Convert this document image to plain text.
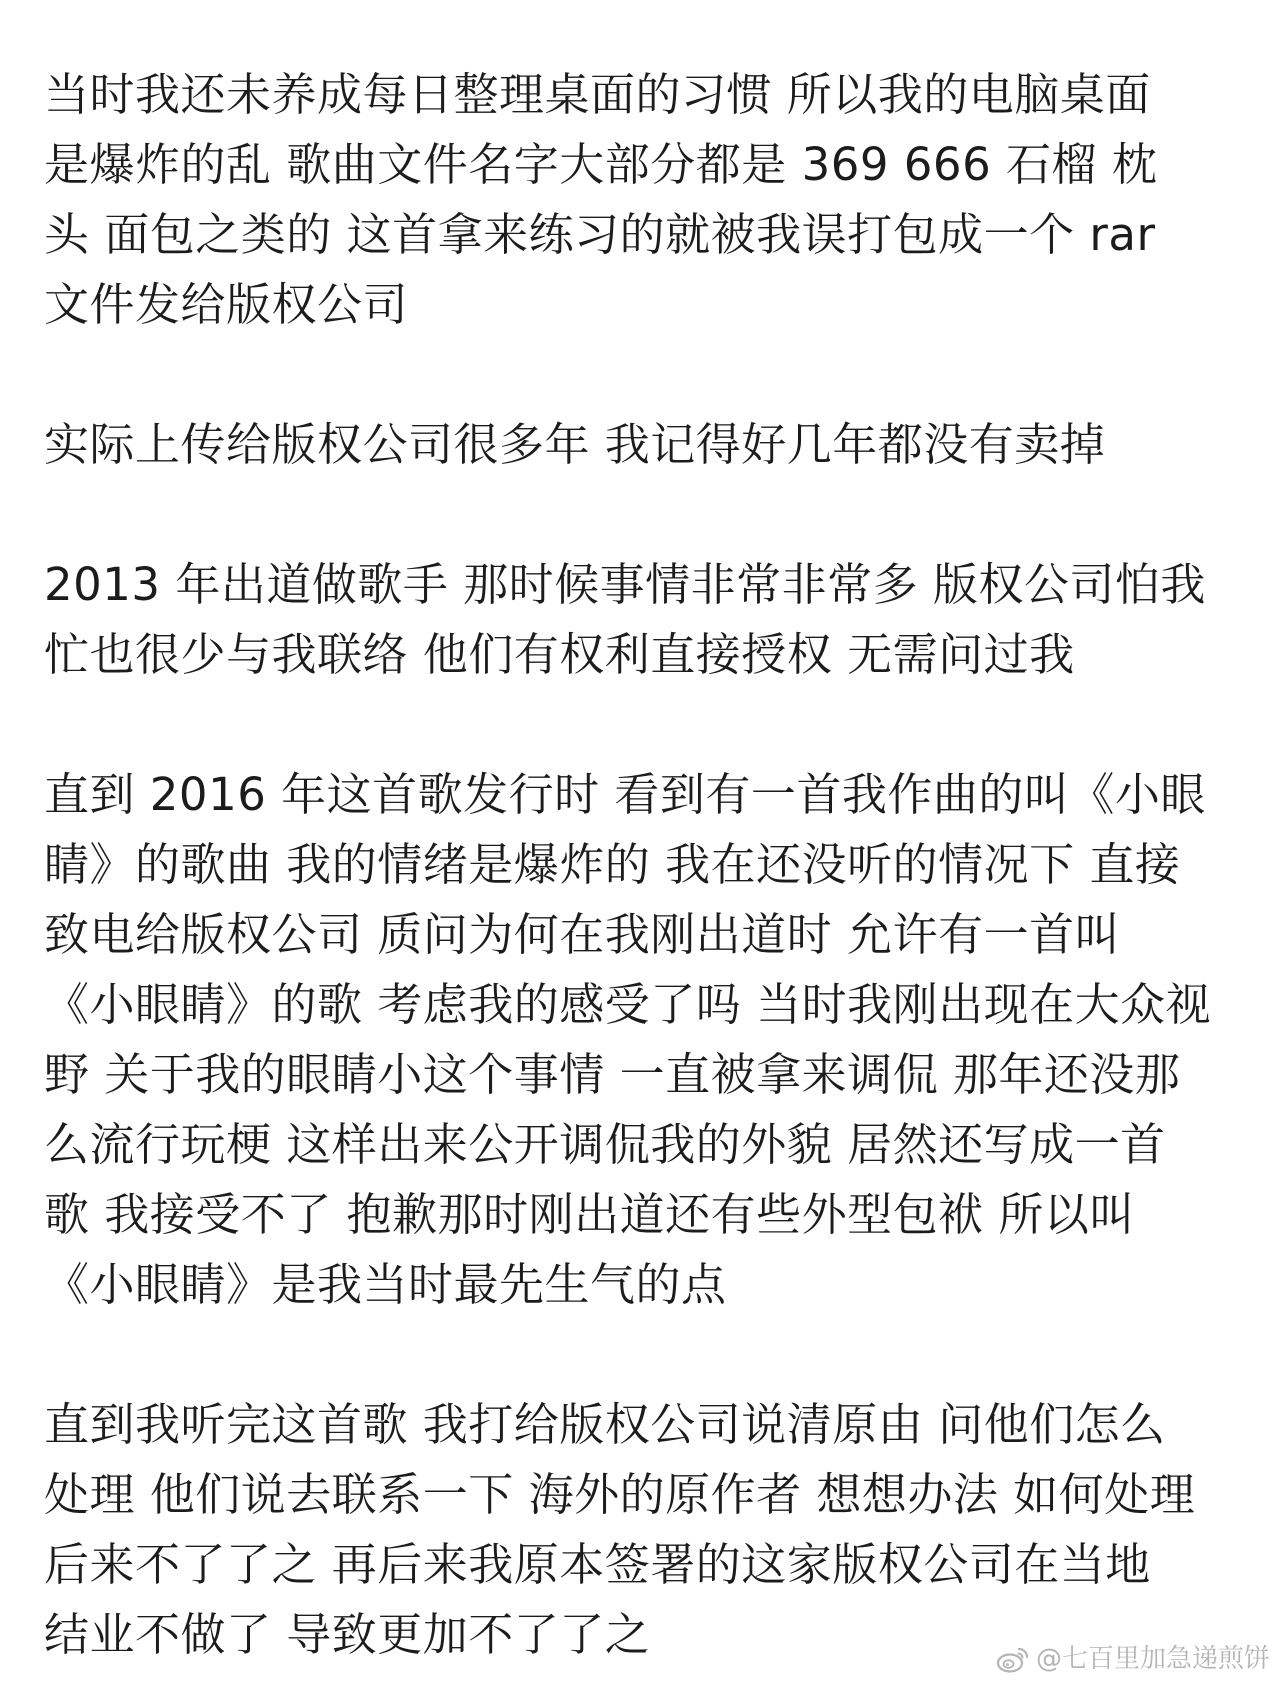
当时我还未养成每日整理桌面的习惯 所以我的电脑桌面
是爆炸的乱 歌曲文件名字大部分都是 369 666 石榴 枕
头 面包之类的 这首拿来练习的就被我误打包成一个 rar
文件发给版权公司
实际上传给版权公司很多年 我记得好几年都没有卖掉
2013 年出道做歌手 那时候事情非常非常多 版权公司怕我
忙也很少与我联络 他们有权利直接授权 无需问过我
直到 2016 年这首歌发行时 看到有一首我作曲的叫《小眼
睛》的歌曲 我的情绪是爆炸的 我在还没听的情况下 直接
致电给版权公司 质问为何在我刚出道时 允许有一首叫
《小眼睛》的歌 考虑我的感受了吗 当时我刚出现在大众视
野 关于我的眼睛小这个事情 一直被拿来调侃 那年还没那
么流行玩梗 这样出来公开调侃我的外貌 居然还写成一首
歌 我接受不了 抱歉那时刚出道还有些外型包袱 所以叫
《小眼睛》是我当时最先生气的点
直到我听完这首歌 我打给版权公司说清原由 问他们怎么
处理 他们说去联系一下 海外的原作者 想想办法 如何处理
后来不了了之 再后来我原本签署的这家版权公司在当地
结业不做了 导致更加不了了之	@七百里加急递煎饼
